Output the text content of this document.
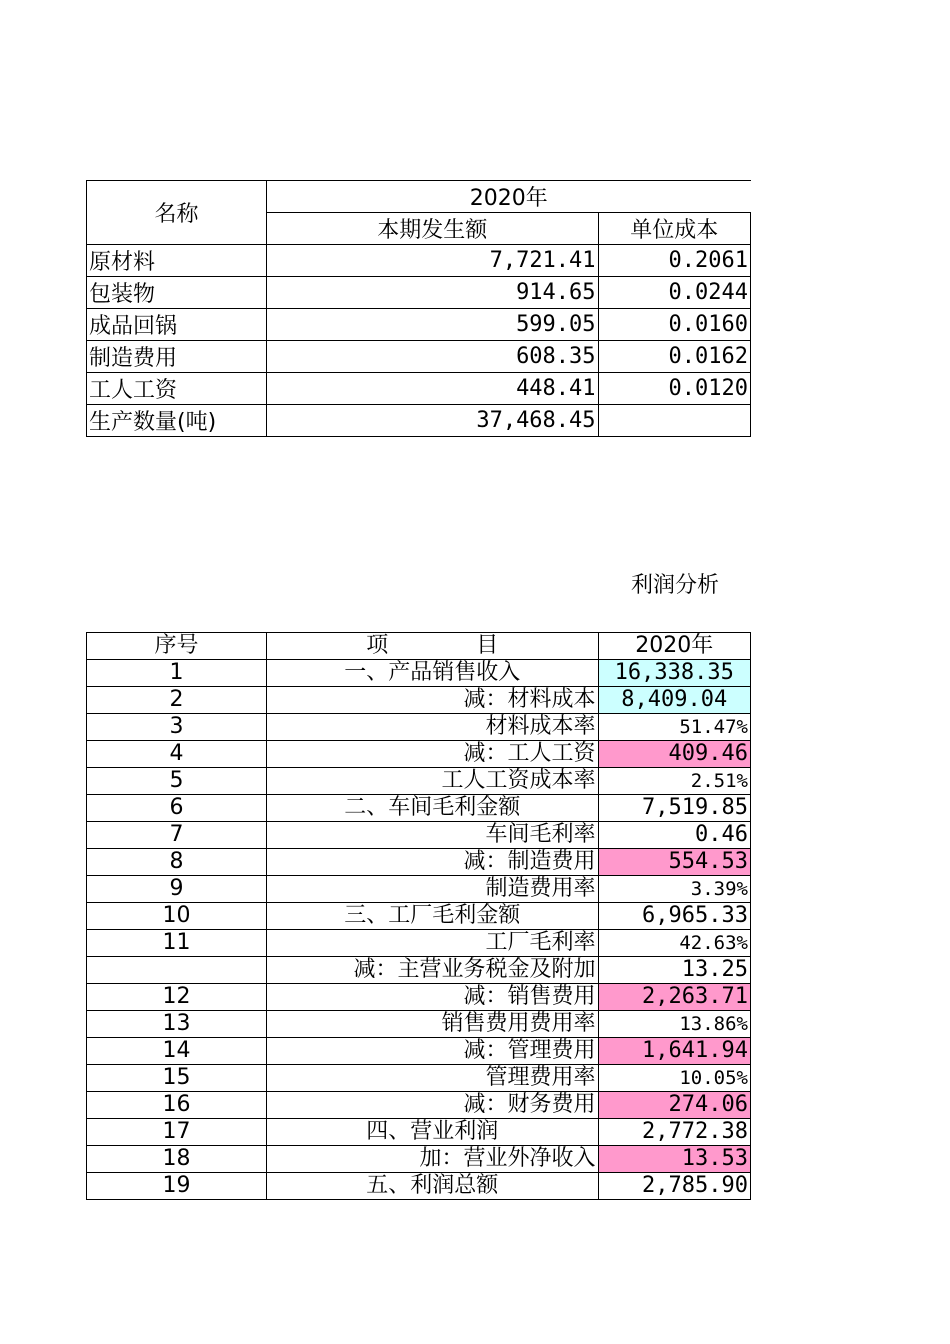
名称	2020年	
	本期发生额	单位成本
原材料	7,721.41	0.2061
包装物	914.65	0.0244
成品回锅	599.05	0.0160
制造费用	608.35	0.0162
工人工资	448.41	0.0120
生产数量(吨)	37,468.45	
利润分析
序号	项　　　　目	2020年
1	一、产品销售收入	16,338.35
2	减：材料成本	8,409.04
3	材料成本率	51.47%
4	减：工人工资	409.46
5	工人工资成本率	2.51%
6	二、车间毛利金额	7,519.85
7	车间毛利率	0.46
8	减：制造费用	554.53
9	制造费用率	3.39%
10	三、工厂毛利金额	6,965.33
11	工厂毛利率	42.63%
	减：主营业务税金及附加	13.25
12	减：销售费用	2,263.71
13	销售费用费用率	13.86%
14	减：管理费用	1,641.94
15	管理费用率	10.05%
16	减：财务费用	274.06
17	四、营业利润	2,772.38
18	加：营业外净收入	13.53
19	五、利润总额	2,785.90
